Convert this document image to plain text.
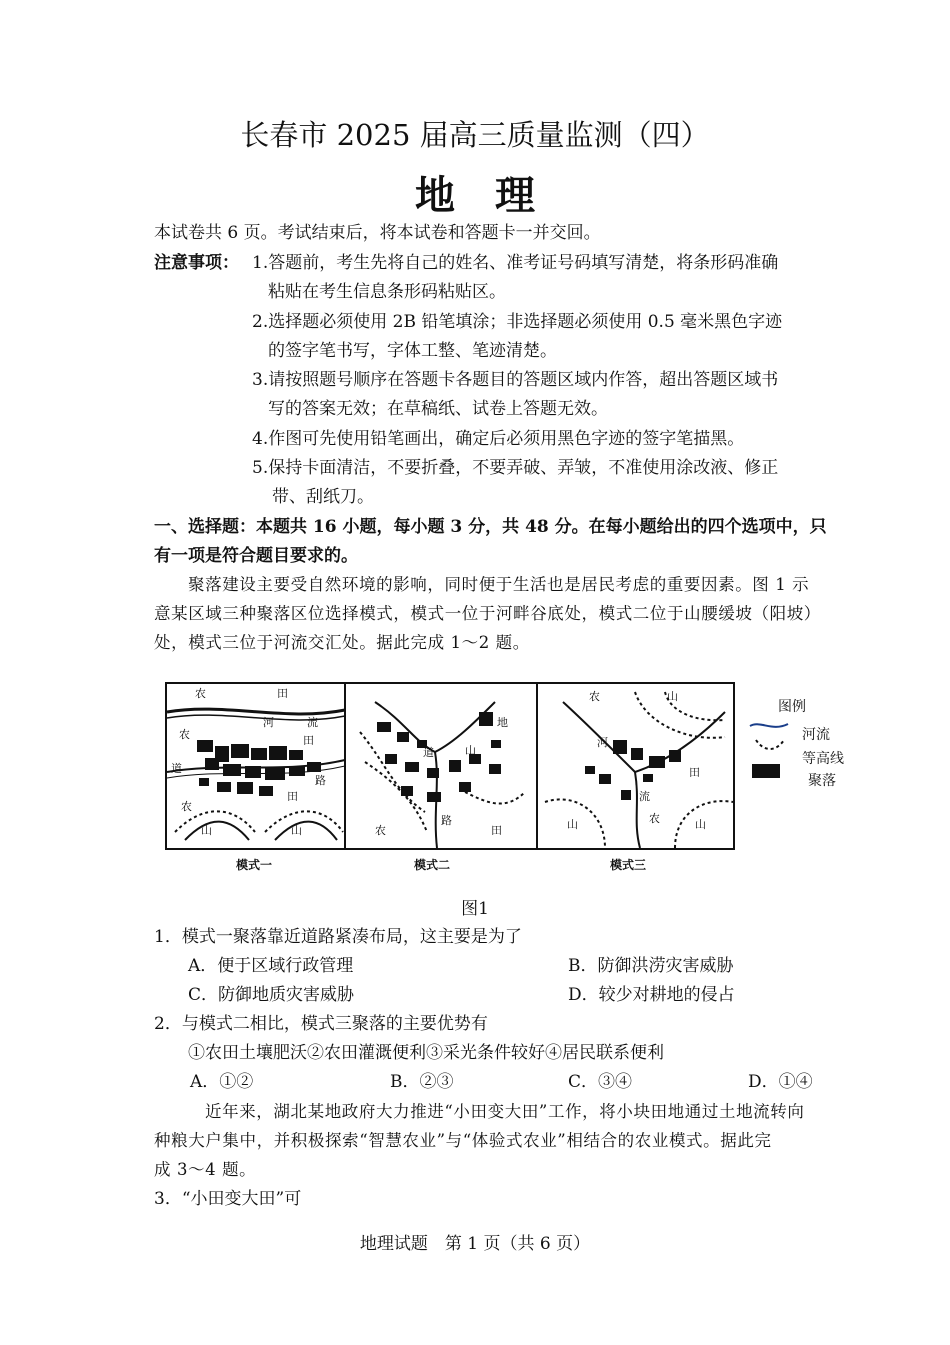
长春市 2025 届高三质量监测（四）
地理
本试卷共 6 页。考试结束后，将本试卷和答题卡一并交回。
注意事项： 1.答题前，考生先将自己的姓名、准考证号码填写清楚，将条形码准确
粘贴在考生信息条形码粘贴区。
2.选择题必须使用 2B 铅笔填涂；非选择题必须使用 0.5 毫米黑色字迹
的签字笔书写，字体工整、笔迹清楚。
3.请按照题号顺序在答题卡各题目的答题区域内作答，超出答题区域书
写的答案无效；在草稿纸、试卷上答题无效。
4.作图可先使用铅笔画出，确定后必须用黑色字迹的签字笔描黑。
5.保持卡面清洁，不要折叠，不要弄破、弄皱，不准使用涂改液、修正
带、刮纸刀。
一、选择题：本题共 16 小题，每小题 3 分，共 48 分。在每小题给出的四个选项中，只
有一项是符合题目要求的。
聚落建设主要受自然环境的影响，同时便于生活也是居民考虑的重要因素。图 1 示
意某区域三种聚落区位选择模式，模式一位于河畔谷底处，模式二位于山腰缓坡（阳坡）
处，模式三位于河流交汇处。据此完成 1～2 题。
农	田
河	流
农	田
道
路
农
田
山	山
地
道	山
农
路
田
农	山
河
田
流
山	农	山
模式一	模式二	模式三
图例
河流
等高线
聚落
图1
1．模式一聚落靠近道路紧凑布局，这主要是为了
A．便于区域行政管理	B．防御洪涝灾害威胁
C．防御地质灾害威胁	D．较少对耕地的侵占
2．与模式二相比，模式三聚落的主要优势有
①农田土壤肥沃②农田灌溉便利③采光条件较好④居民联系便利
A．①②	B．②③	C．③④	D．①④
近年来，湖北某地政府大力推进“小田变大田”工作，将小块田地通过土地流转向
种粮大户集中，并积极探索“智慧农业”与“体验式农业”相结合的农业模式。据此完
成 3～4 题。
3．“小田变大田”可
地理试题　第 1 页（共 6 页）
